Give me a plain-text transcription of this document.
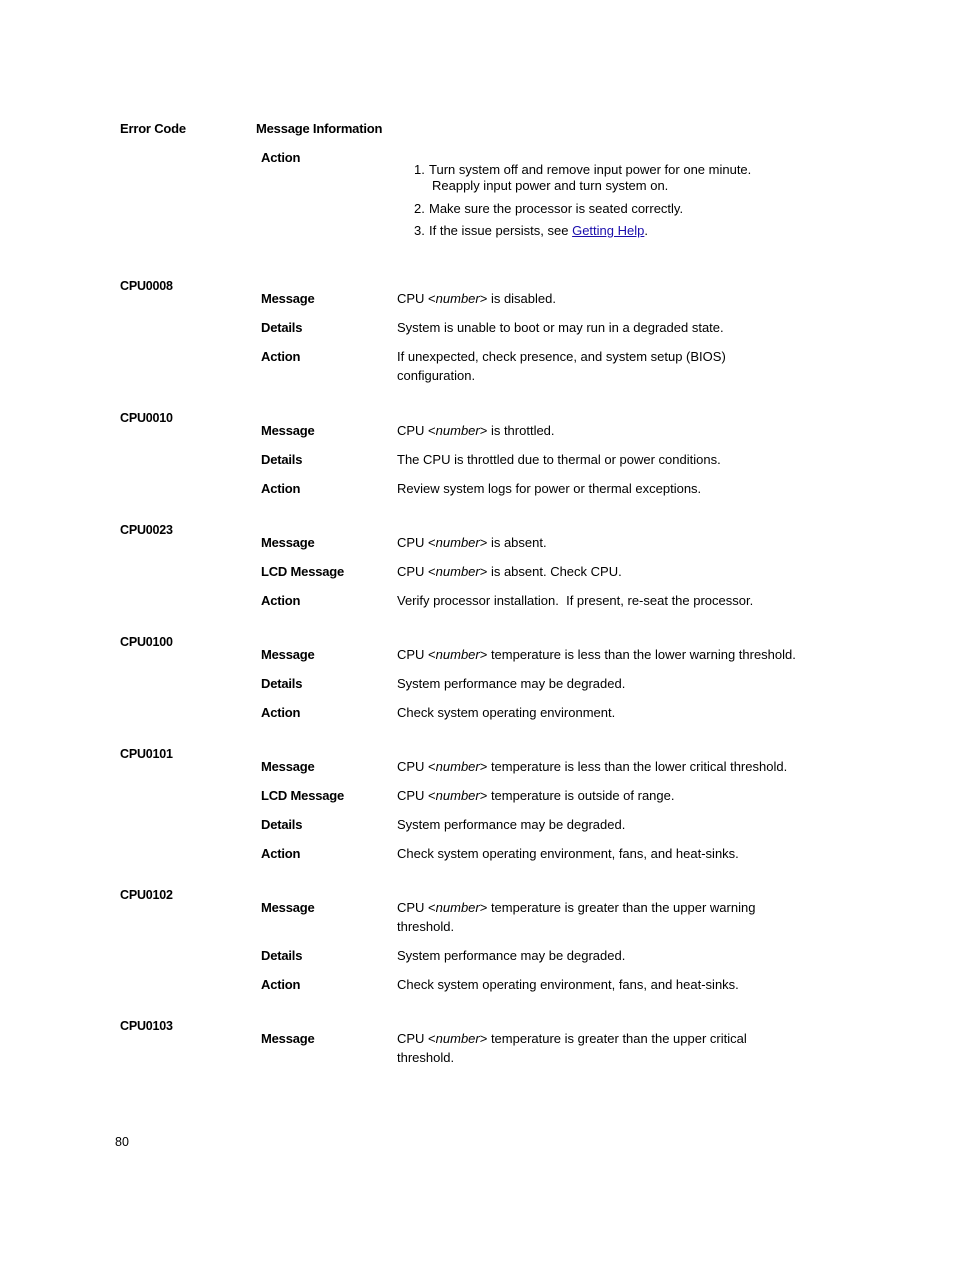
Error Code	Message Information
Action
1. Turn system off and remove input power for one minute.
Reapply input power and turn system on.
2. Make sure the processor is seated correctly.
3. If the issue persists, see Getting Help.
CPU0008
Message	CPU <number> is disabled.
Details	System is unable to boot or may run in a degraded state.
Action	If unexpected, check presence, and system setup (BIOS) configuration.
CPU0010
Message	CPU <number> is throttled.
Details	The CPU is throttled due to thermal or power conditions.
Action	Review system logs for power or thermal exceptions.
CPU0023
Message	CPU <number> is absent.
LCD Message	CPU <number> is absent. Check CPU.
Action	Verify processor installation.  If present, re-seat the processor.
CPU0100
Message	CPU <number> temperature is less than the lower warning threshold.
Details	System performance may be degraded.
Action	Check system operating environment.
CPU0101
Message	CPU <number> temperature is less than the lower critical threshold.
LCD Message	CPU <number> temperature is outside of range.
Details	System performance may be degraded.
Action	Check system operating environment, fans, and heat-sinks.
CPU0102
Message	CPU <number> temperature is greater than the upper warning threshold.
Details	System performance may be degraded.
Action	Check system operating environment, fans, and heat-sinks.
CPU0103
Message	CPU <number> temperature is greater than the upper critical threshold.
80
